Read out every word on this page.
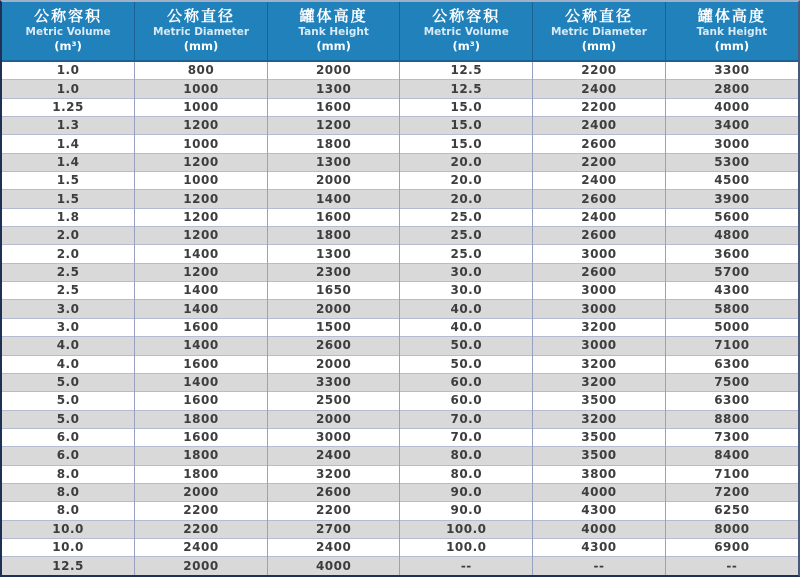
公称容积
Metric Volume
(m³)	公称直径
Metric Diameter
(mm)	罐体高度
Tank Height
(mm)	公称容积
Metric Volume
(m³)	公称直径
Metric Diameter
(mm)	罐体高度
Tank Height
(mm)

1.0	800	2000	12.5	2200	3300
1.0	1000	1300	12.5	2400	2800
1.25	1000	1600	15.0	2200	4000
1.3	1200	1200	15.0	2400	3400
1.4	1000	1800	15.0	2600	3000
1.4	1200	1300	20.0	2200	5300
1.5	1000	2000	20.0	2400	4500
1.5	1200	1400	20.0	2600	3900
1.8	1200	1600	25.0	2400	5600
2.0	1200	1800	25.0	2600	4800
2.0	1400	1300	25.0	3000	3600
2.5	1200	2300	30.0	2600	5700
2.5	1400	1650	30.0	3000	4300
3.0	1400	2000	40.0	3000	5800
3.0	1600	1500	40.0	3200	5000
4.0	1400	2600	50.0	3000	7100
4.0	1600	2000	50.0	3200	6300
5.0	1400	3300	60.0	3200	7500
5.0	1600	2500	60.0	3500	6300
5.0	1800	2000	70.0	3200	8800
6.0	1600	3000	70.0	3500	7300
6.0	1800	2400	80.0	3500	8400
8.0	1800	3200	80.0	3800	7100
8.0	2000	2600	90.0	4000	7200
8.0	2200	2200	90.0	4300	6250
10.0	2200	2700	100.0	4000	8000
10.0	2400	2400	100.0	4300	6900
12.5	2000	4000	--	--	--
